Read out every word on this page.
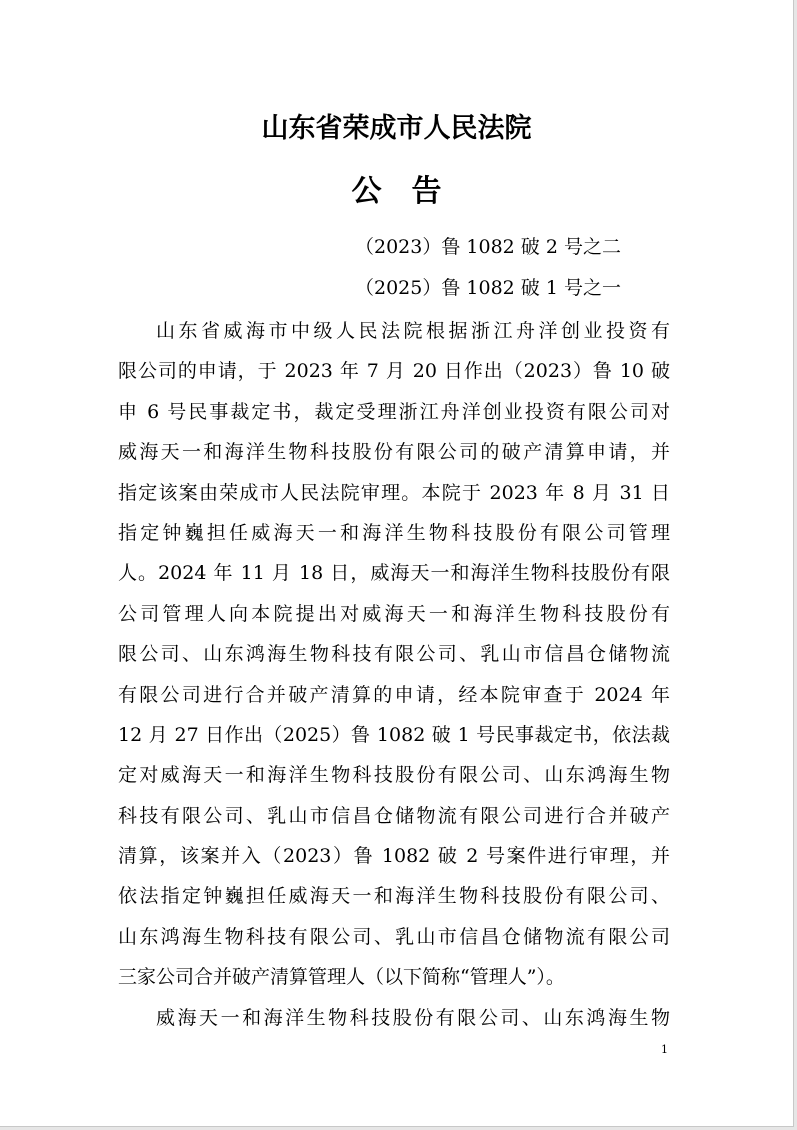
山东省荣成市人民法院
公 告
（2023）鲁 1082 破 2 号之二
（2025）鲁 1082 破 1 号之一
山东省威海市中级人民法院根据浙江舟洋创业投资有
限公司的申请，于 2023 年 7 月 20 日作出（2023）鲁 10 破
申 6 号民事裁定书，裁定受理浙江舟洋创业投资有限公司对
威海天一和海洋生物科技股份有限公司的破产清算申请，并
指定该案由荣成市人民法院审理。本院于 2023 年 8 月 31 日
指定钟巍担任威海天一和海洋生物科技股份有限公司管理
人。2024 年 11 月 18 日，威海天一和海洋生物科技股份有限
公司管理人向本院提出对威海天一和海洋生物科技股份有
限公司、山东鸿海生物科技有限公司、乳山市信昌仓储物流
有限公司进行合并破产清算的申请，经本院审查于 2024 年
12 月 27 日作出（2025）鲁 1082 破 1 号民事裁定书，依法裁
定对威海天一和海洋生物科技股份有限公司、山东鸿海生物
科技有限公司、乳山市信昌仓储物流有限公司进行合并破产
清算，该案并入（2023）鲁 1082 破 2 号案件进行审理，并
依法指定钟巍担任威海天一和海洋生物科技股份有限公司、
山东鸿海生物科技有限公司、乳山市信昌仓储物流有限公司
三家公司合并破产清算管理人（以下简称“管理人”）。
威海天一和海洋生物科技股份有限公司、山东鸿海生物
1
